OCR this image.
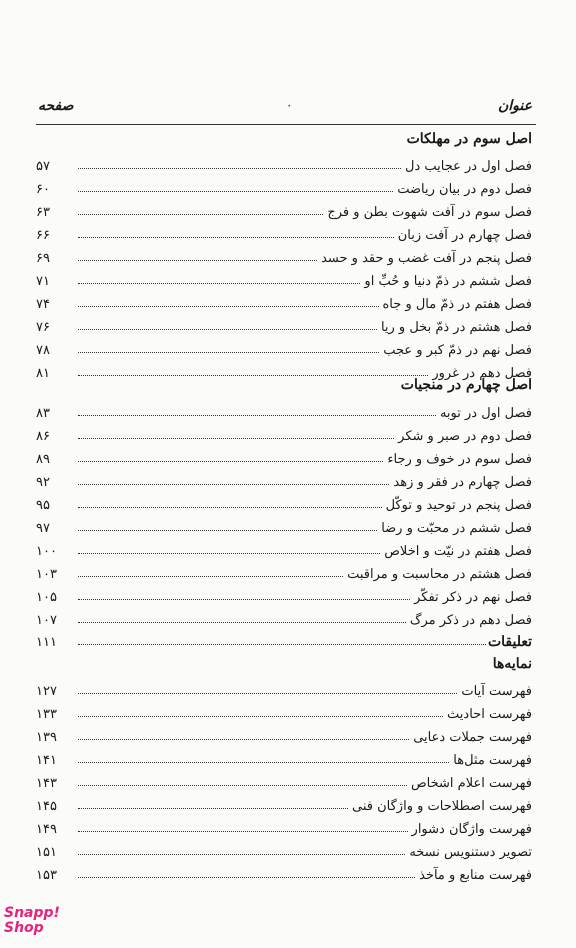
عنوان
٠
صفحه
اصل سوم در مهلکات
فصل اول در عجایب دل
۵۷
فصل دوم در بیان ریاضت
۶۰
فصل سوم در آفت شهوت بطن و فرج
۶۳
فصل چهارم در آفت زبان
۶۶
فصل پنجم در آفت غضب و حقد و حسد
۶۹
فصل ششم در ذمّ دنیا و حُبِّ او
۷۱
فصل هفتم در ذمّ مال و جاه
۷۴
فصل هشتم در ذمّ بخل و ریا
۷۶
فصل نهم در ذمّ کبر و عجب
۷۸
فصل دهم در غرور
۸۱
اصل چهارم در منجیات
فصل اول در توبه
۸۳
فصل دوم در صبر و شکر
۸۶
فصل سوم در خوف و رجاء
۸۹
فصل چهارم در فقر و زهد
۹۲
فصل پنجم در توحید و توکّل
۹۵
فصل ششم در محبّت و رضا
۹۷
فصل هفتم در نیّت و اخلاص
۱۰۰
فصل هشتم در محاسبت و مراقبت
۱۰۳
فصل نهم در ذکر تفکّر
۱۰۵
فصل دهم در ذکر مرگ
۱۰۷
تعلیقات
۱۱۱
نمایه‌ها
فهرست آیات
۱۲۷
فهرست احادیث
۱۳۳
فهرست جملات دعایی
۱۳۹
فهرست مثل‌ها
۱۴۱
فهرست اعلام اشخاص
۱۴۳
فهرست اصطلاحات و واژگان فنی
۱۴۵
فهرست واژگان دشوار
۱۴۹
تصویر دستنویس نسخه
۱۵۱
فهرست منابع و مآخذ
۱۵۳
Snapp!
Shop
